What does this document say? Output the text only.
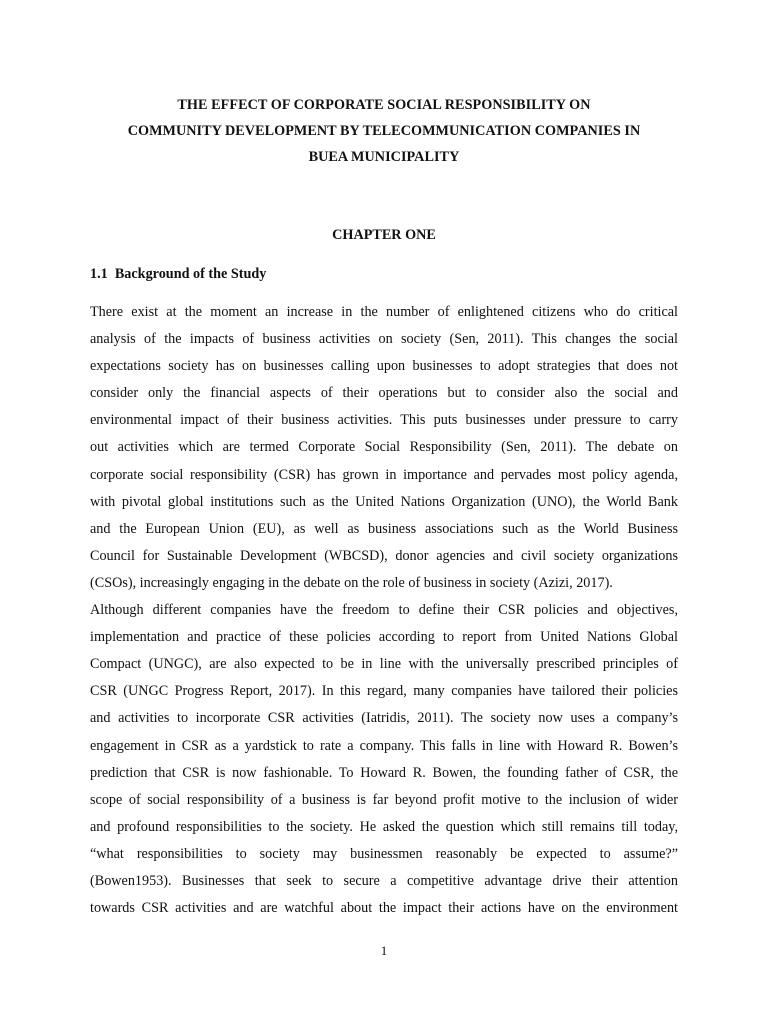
THE EFFECT OF CORPORATE SOCIAL RESPONSIBILITY ON
COMMUNITY DEVELOPMENT BY TELECOMMUNICATION COMPANIES IN
BUEA MUNICIPALITY
CHAPTER ONE
1.1  Background of the Study
There exist at the moment an increase in the number of enlightened citizens who do critical
analysis of the impacts of business activities on society (Sen, 2011). This changes the social
expectations society has on businesses calling upon businesses to adopt strategies that does not
consider only the financial aspects of their operations but to consider also the social and
environmental impact of their business activities. This puts businesses under pressure to carry
out activities which are termed Corporate Social Responsibility (Sen, 2011). The debate on
corporate social responsibility (CSR) has grown in importance and pervades most policy agenda,
with pivotal global institutions such as the United Nations Organization (UNO), the World Bank
and the European Union (EU), as well as business associations such as the World Business
Council for Sustainable Development (WBCSD), donor agencies and civil society organizations
(CSOs), increasingly engaging in the debate on the role of business in society (Azizi, 2017).
Although different companies have the freedom to define their CSR policies and objectives,
implementation and practice of these policies according to report from United Nations Global
Compact (UNGC), are also expected to be in line with the universally prescribed principles of
CSR (UNGC Progress Report, 2017). In this regard, many companies have tailored their policies
and activities to incorporate CSR activities (Iatridis, 2011). The society now uses a company’s
engagement in CSR as a yardstick to rate a company. This falls in line with Howard R. Bowen’s
prediction that CSR is now fashionable. To Howard R. Bowen, the founding father of CSR, the
scope of social responsibility of a business is far beyond profit motive to the inclusion of wider
and profound responsibilities to the society. He asked the question which still remains till today,
“what responsibilities to society may businessmen reasonably be expected to assume?”
(Bowen1953). Businesses that seek to secure a competitive advantage drive their attention
towards CSR activities and are watchful about the impact their actions have on the environment
1
